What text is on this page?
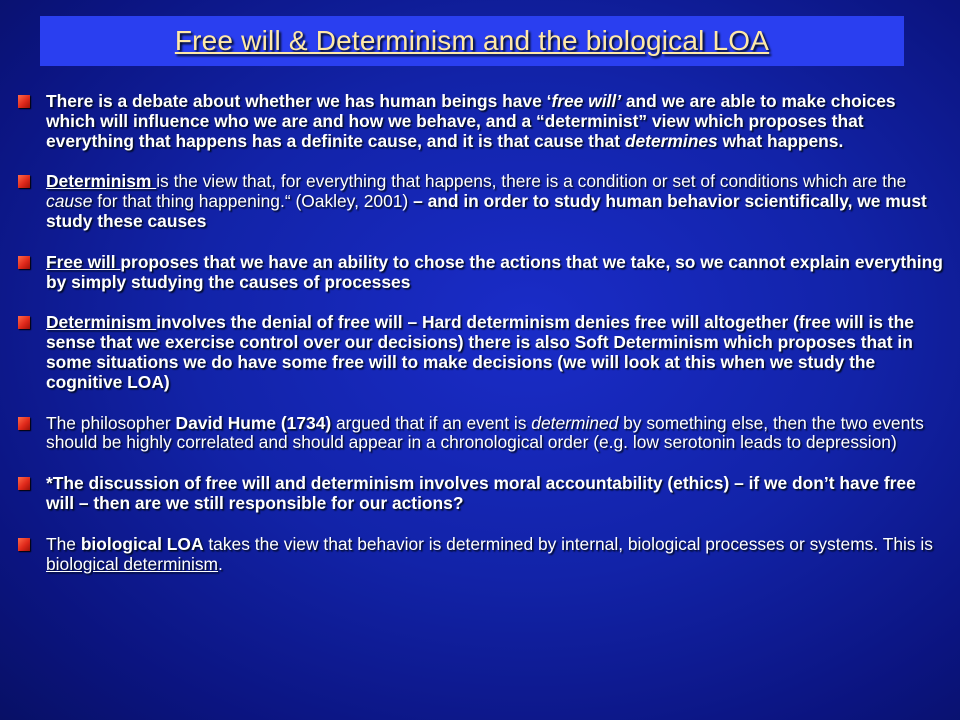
Free will & Determinism and the biological LOA
There is a debate about whether we has human beings have ‘free will’ and we are able to make choices which will influence who we are and how we behave, and a “determinist” view which proposes that everything that happens has a definite cause, and it is that cause that determines what happens.
Determinism is the view that, for everything that happens, there is a condition or set of conditions which are the cause for that thing happening.“ (Oakley, 2001) – and in order to study human behavior scientifically, we must study these causes
Free will proposes that we have an ability to chose the actions that we take, so we cannot explain everything by simply studying the causes of processes
Determinism involves the denial of free will – Hard determinism denies free will altogether (free will is the sense that we exercise control over our decisions) there is also Soft Determinism which proposes that in some situations we do have some free will to make decisions (we will look at this when we study the cognitive LOA)
The philosopher David Hume (1734) argued that if an event is determined by something else, then the two events should be highly correlated and should appear in a chronological order (e.g. low serotonin leads to depression)
*The discussion of free will and determinism involves moral accountability (ethics) – if we don’t have free will – then are we still responsible for our actions?
The biological LOA takes the view that behavior is determined by internal, biological processes or systems. This is biological determinism.
